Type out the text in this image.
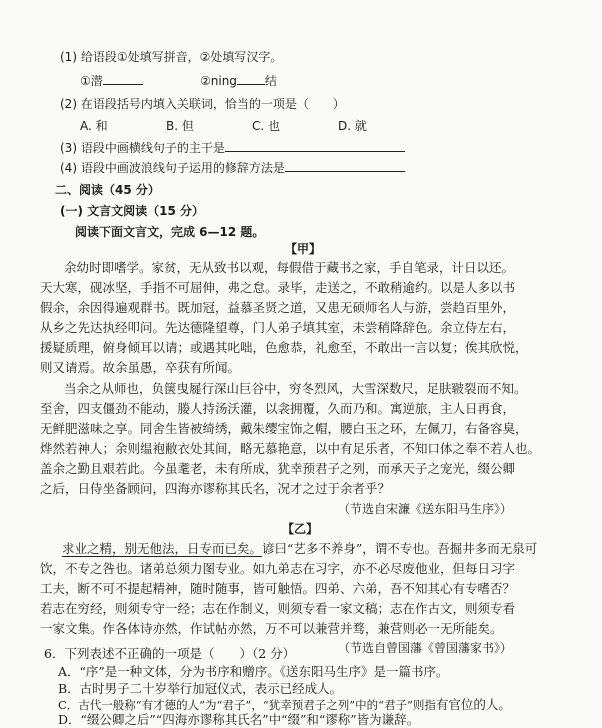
(1) 给语段①处填写拼音，②处填写汉字。
①潜	②ning 结
(2) 在语段括号内填入关联词，恰当的一项是（　　）
A. 和	B. 但	C. 也	D. 就
(3) 语段中画横线句子的主干是
(4) 语段中画波浪线句子运用的修辞方法是
二、阅读（45 分）
(一) 文言文阅读（15 分）
阅读下面文言文，完成 6—12 题。
【甲】
余幼时即嗜学。家贫，无从致书以观，每假借于藏书之家，手自笔录，计日以还。
天大寒，砚冰坚，手指不可屈伸，弗之怠。录毕，走送之，不敢稍逾约。以是人多以书
假余，余因得遍观群书。既加冠，益慕圣贤之道，又患无硕师名人与游，尝趋百里外，
从乡之先达执经叩问。先达德隆望尊，门人弟子填其室，未尝稍降辞色。余立侍左右，
援疑质理，俯身倾耳以请；或遇其叱咄，色愈恭，礼愈至，不敢出一言以复；俟其欣悦，
则又请焉。故余虽愚，卒获有所闻。
当余之从师也，负箧曳屣行深山巨谷中，穷冬烈风，大雪深数尺，足肤皲裂而不知。
至舍，四支僵劲不能动，媵人持汤沃灌，以衾拥覆，久而乃和。寓逆旅，主人日再食，
无鲜肥滋味之享。同舍生皆被绮绣，戴朱缨宝饰之帽，腰白玉之环，左佩刀，右备容臭，
烨然若神人；余则缊袍敝衣处其间，略无慕艳意，以中有足乐者，不知口体之奉不若人也。
盖余之勤且艰若此。今虽耄老，未有所成，犹幸预君子之列，而承天子之宠光，缀公卿
之后，日侍坐备顾问，四海亦谬称其氏名，况才之过于余者乎？
（节选自宋濂《送东阳马生序》）
【乙】
求业之精，别无他法，日专而已矣。谚曰“艺多不养身”，谓不专也。吾掘井多而无泉可
饮，不专之咎也。诸弟总须力图专业。如九弟志在习字，亦不必尽废他业，但每日习字
工夫，断不可不提起精神，随时随事，皆可触悟。四弟、六弟，吾不知其心有专嗜否？
若志在穷经，则须专守一经；志在作制义，则须专看一家文稿；志在作古文，则须专看
一家文集。作各体诗亦然，作试帖亦然，万不可以兼营并骛，兼营则必一无所能矣。
（节选自曾国藩《曾国藩家书》）
6．下列表述不正确的一项是（　　）（2 分）
A．“序”是一种文体，分为书序和赠序。《送东阳马生序》是一篇书序。
B．古时男子二十岁举行加冠仪式，表示已经成人。
C．古代一般称“有才德的人”为“君子”，“犹幸预君子之列”中的“君子”则指 有官位的人。
D．“缀公卿之后”“四海亦谬称其氏名”中“缀”和“谬称”皆为谦辞。
